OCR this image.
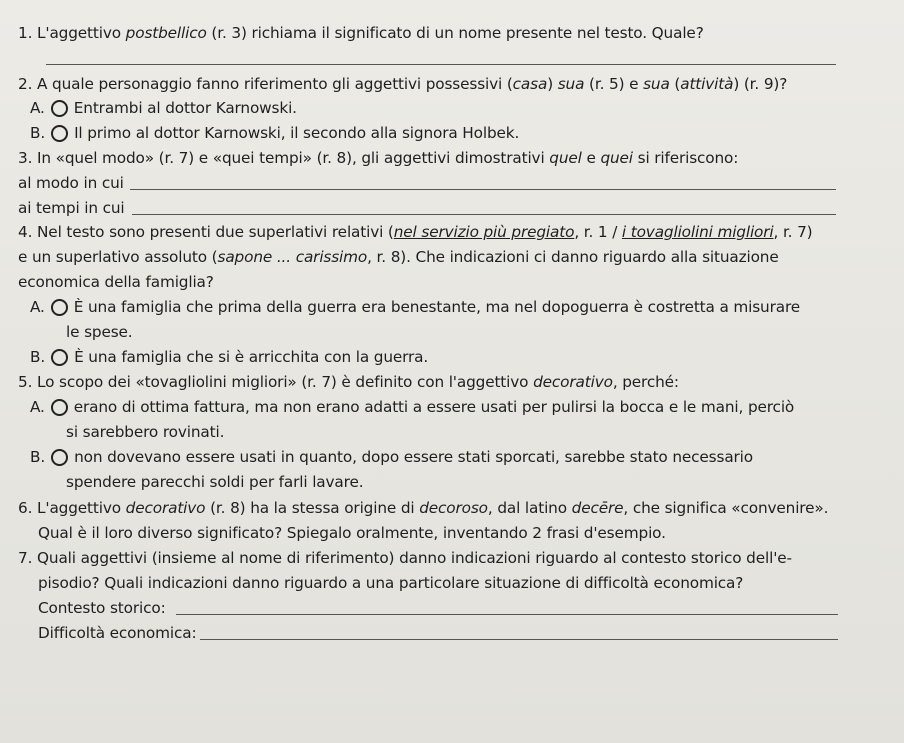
1. L'aggettivo postbellico (r. 3) richiama il significato di un nome presente nel testo. Quale?
2. A quale personaggio fanno riferimento gli aggettivi possessivi (casa) sua (r. 5) e sua (attività) (r. 9)?
A. Entrambi al dottor Karnowski.
B. Il primo al dottor Karnowski, il secondo alla signora Holbek.
3. In «quel modo» (r. 7) e «quei tempi» (r. 8), gli aggettivi dimostrativi quel e quei si riferiscono:
al modo in cui
ai tempi in cui
4. Nel testo sono presenti due superlativi relativi (nel servizio più pregiato, r. 1 / i tovagliolini migliori, r. 7)
e un superlativo assoluto (sapone ... carissimo, r. 8). Che indicazioni ci danno riguardo alla situazione
economica della famiglia?
A. È una famiglia che prima della guerra era benestante, ma nel dopoguerra è costretta a misurare
le spese.
B. È una famiglia che si è arricchita con la guerra.
5. Lo scopo dei «tovagliolini migliori» (r. 7) è definito con l'aggettivo decorativo, perché:
A. erano di ottima fattura, ma non erano adatti a essere usati per pulirsi la bocca e le mani, perciò
si sarebbero rovinati.
B. non dovevano essere usati in quanto, dopo essere stati sporcati, sarebbe stato necessario
spendere parecchi soldi per farli lavare.
6. L'aggettivo decorativo (r. 8) ha la stessa origine di decoroso, dal latino decēre, che significa «convenire».
Qual è il loro diverso significato? Spiegalo oralmente, inventando 2 frasi d'esempio.
7. Quali aggettivi (insieme al nome di riferimento) danno indicazioni riguardo al contesto storico dell'e-
pisodio? Quali indicazioni danno riguardo a una particolare situazione di difficoltà economica?
Contesto storico:
Difficoltà economica:
